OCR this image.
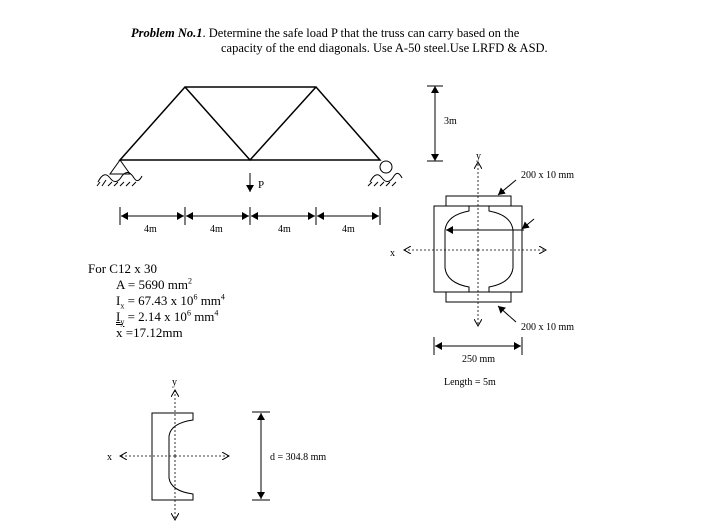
Problem No.1. Determine the safe load P that the truss can carry based on the
capacity of the end diagonals. Use A-50 steel.Use LRFD & ASD.
For C12 x 30
A = 5690 $mm^2$
$I_x = 67.43$ x $10^6$ $mm^4$
$I_y = 2.14$ x $10^6$ $mm^4$
$\overline{x} =17.12mm$
P
3m
4m	4m	4m	4m
y
x
200 x 10 mm
200 x 10 mm
250 mm
Length = 5m
y
x	d = 304.8 mm
